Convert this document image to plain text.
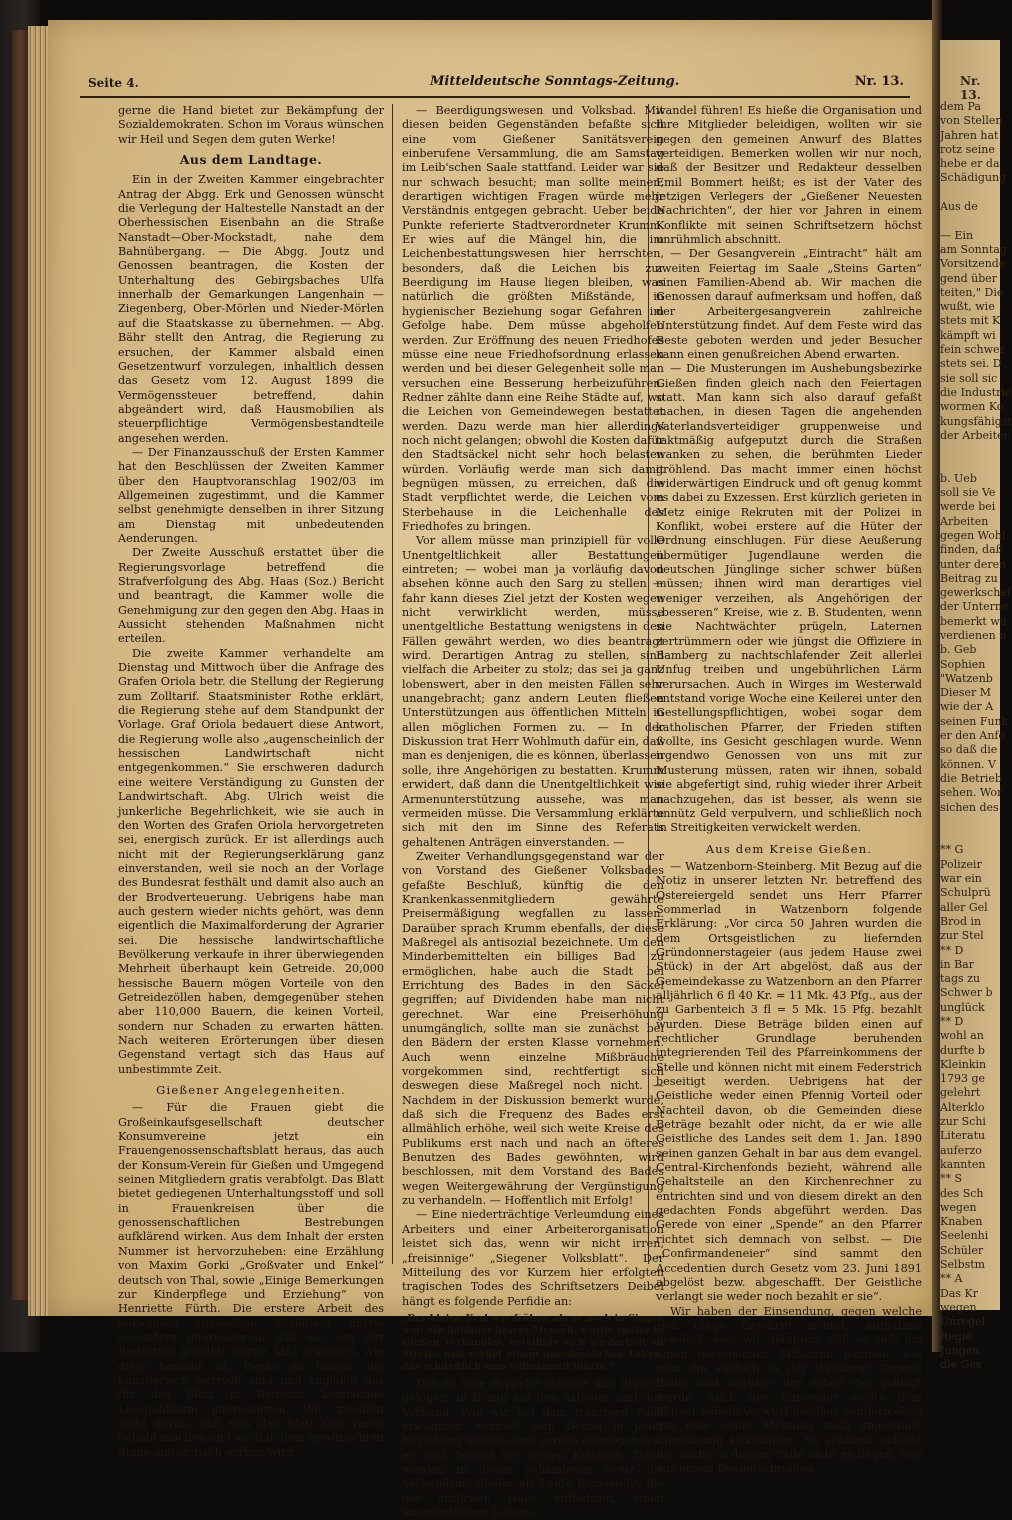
Nr. 13.
dem Pa
von Stellen
Jahren hat
rotz seine
hebe er da
Schädigung

Aus de

— Ein
am Sonntag
Vorsitzende
gend über
teiten," Die
wußt, wie
stets mit K
kämpft wi
fein schwer
stets sei. D
sie soll sic
die Industrie
wormen Ko
kungsfähigst
der Arbeiter

b. Ueb
soll sie Ve
werde bei
Arbeiten
gegen Wohl
finden, daß
unter deren
Beitrag zu
gewerkschaf
der Unterne
bemerkt wu
verdienen n
b. Geb
Sophien
"Watzenb
Dieser M
wie der A
seinen Funk
er den Anfo
so daß die
können. V
die Betrieb
sehen. Wor
sichen des

** G
Polizeir
war ein
Schulprü
aller Gel
Brod in
zur Stel
** D
in Bar
tags zu
Schwer b
unglück
** D
wohl an
durfte b
Kleinkin
1793 ge
gelehrt
Alterklo
zur Schi
Literatu
auferzo
kannten
** S
des Sch
wegen
Knaben
Seelenhi
Schüler
Selbstm
** A
Das Kr
wegen
Unregel
Regie
Jungen
die Ges
Seite 4.	Mitteldeutsche Sonntags-Zeitung.	Nr. 13.

gerne die Hand bietet zur Bekämpfung der Sozialdemokraten. Schon im Voraus wünschen wir Heil und Segen dem guten Werke!

Aus dem Landtage.

Ein in der Zweiten Kammer eingebrachter Antrag der Abgg. Erk und Genossen wünscht die Verlegung der Haltestelle Nanstadt an der Oberhessischen Eisenbahn an die Straße Nanstadt—Ober-Mockstadt, nahe dem Bahnübergang. — Die Abgg. Joutz und Genossen beantragen, die Kosten der Unterhaltung des Gebirgsbaches Ulfa innerhalb der Gemarkungen Langenhain — Ziegenberg, Ober-Mörlen und Nieder-Mörlen auf die Staatskasse zu übernehmen. — Abg. Bähr stellt den Antrag, die Regierung zu ersuchen, der Kammer alsbald einen Gesetzentwurf vorzulegen, inhaltlich dessen das Gesetz vom 12. August 1899 die Vermögenssteuer betreffend, dahin abgeändert wird, daß Hausmobilien als steuerpflichtige Vermögensbestandteile angesehen werden.

— Der Finanzausschuß der Ersten Kammer hat den Beschlüssen der Zweiten Kammer über den Hauptvoranschlag 1902/03 im Allgemeinen zugestimmt, und die Kammer selbst genehmigte denselben in ihrer Sitzung am Dienstag mit unbedeutenden Aenderungen.

Der Zweite Ausschuß erstattet über die Regierungsvorlage betreffend die Strafverfolgung des Abg. Haas (Soz.) Bericht und beantragt, die Kammer wolle die Genehmigung zur den gegen den Abg. Haas in Aussicht stehenden Maßnahmen nicht erteilen.

Die zweite Kammer verhandelte am Dienstag und Mittwoch über die Anfrage des Grafen Oriola betr. die Stellung der Regierung zum Zolltarif. Staatsminister Rothe erklärt, die Regierung stehe auf dem Standpunkt der Vorlage. Graf Oriola bedauert diese Antwort, die Regierung wolle also „augenscheinlich der hessischen Landwirtschaft nicht entgegenkommen.“ Sie erschweren dadurch eine weitere Verständigung zu Gunsten der Landwirtschaft. Abg. Ulrich weist die junkerliche Begehrlichkeit, wie sie auch in den Worten des Grafen Oriola hervorgetreten sei, energisch zurück. Er ist allerdings auch nicht mit der Regierungserklärung ganz einverstanden, weil sie noch an der Vorlage des Bundesrat festhält und damit also auch an der Brodverteuerung. Uebrigens habe man auch gestern wieder nichts gehört, was denn eigentlich die Maximalforderung der Agrarier sei. Die hessische landwirtschaftliche Bevölkerung verkaufe in ihrer überwiegenden Mehrheit überhaupt kein Getreide. 20,000 hessische Bauern mögen Vorteile von den Getreidezöllen haben, demgegenüber stehen aber 110,000 Bauern, die keinen Vorteil, sondern nur Schaden zu erwarten hätten. Nach weiteren Erörterungen über diesen Gegenstand vertagt sich das Haus auf unbestimmte Zeit.

Gießener Angelegenheiten.

— Für die Frauen giebt die Großeinkaufsgesellschaft deutscher Konsumvereine jetzt ein Frauengenossenschaftsblatt heraus, das auch der Konsum-Verein für Gießen und Umgegend seinen Mitgliedern gratis verabfolgt. Das Blatt bietet gediegenen Unterhaltungsstoff und soll in Frauenkreisen über die genossenschaftlichen Bestrebungen aufklärend wirken. Aus dem Inhalt der ersten Nummer ist hervorzuheben: eine Erzählung von Maxim Gorki „Großvater und Enkel“ deutsch von Thal, sowie „Einige Bemerkungen zur Kinderpflege und Erziehung“ von Henriette Fürth. Die erstere Arbeit des bekannten russischen Erzählers dürfte besonders interessieren; daß sie von der Redaktion gewählt wurde, läßt erkennen, wie diese bemüht ist, Werke zu bieten, die künstlerisch wertvoll sind und zugleich das für das Blatt in Betracht kommende Lesepublikum interessieren. Wir zweifeln nicht daran, daß sich das Blatt sich rasch beliebt machen und auch in dem gewünschten Sinne agitatorisch wirken wird.

— Beerdigungswesen und Volksbad. Mit diesen beiden Gegenständen befaßte sich eine vom Gießener Sanitätsverein einberufene Versammlung, die am Samstag im Leib'schen Saale stattfand. Leider war sie nur schwach besucht; man sollte meinen, derartigen wichtigen Fragen würde mehr Verständnis entgegen gebracht. Ueber beide Punkte referierte Stadtverordneter Krumm. Er wies auf die Mängel hin, die im Leichenbestattungswesen hier herrschten, besonders, daß die Leichen bis zur Beerdigung im Hause liegen bleiben, was natürlich die größten Mißstände, in hygienischer Beziehung sogar Gefahren im Gefolge habe. Dem müsse abgeholfen werden. Zur Eröffnung des neuen Friedhofes müsse eine neue Friedhofsordnung erlassen werden und bei dieser Gelegenheit solle man versuchen eine Besserung herbeizuführen. Redner zählte dann eine Reihe Städte auf, wo die Leichen von Gemeindewegen bestattet werden. Dazu werde man hier allerdings noch nicht gelangen; obwohl die Kosten dafür den Stadtsäckel nicht sehr hoch belasten würden. Vorläufig werde man sich damit begnügen müssen, zu erreichen, daß die Stadt verpflichtet werde, die Leichen vom Sterbehause in die Leichenhalle des Friedhofes zu bringen.

Vor allem müsse man prinzipiell für volle Unentgeltlichkeit aller Bestattungen eintreten; — wobei man ja vorläufig davon absehen könne auch den Sarg zu stellen — fahr kann dieses Ziel jetzt der Kosten wegen nicht verwirklicht werden, müsse unentgeltliche Bestattung wenigstens in den Fällen gewährt werden, wo dies beantragt wird. Derartigen Antrag zu stellen, sind vielfach die Arbeiter zu stolz; das sei ja ganz lobenswert, aber in den meisten Fällen sehr unangebracht; ganz andern Leuten fließen Unterstützungen aus öffentlichen Mitteln in allen möglichen Formen zu. — In der Diskussion trat Herr Wohlmuth dafür ein, daß man es denjenigen, die es können, überlassen solle, ihre Angehörigen zu bestatten. Krumm erwidert, daß dann die Unentgeltlichkeit wie Armenunterstützung aussehe, was man vermeiden müsse. Die Versammlung erklärte sich mit den im Sinne des Referats gehaltenen Anträgen einverstanden. —

Zweiter Verhandlungsgegenstand war der von Vorstand des Gießener Volksbades gefaßte Beschluß, künftig die den Krankenkassenmitgliedern gewährte Preisermäßigung wegfallen zu lassen. Daraüber sprach Krumm ebenfalls, der diese Maßregel als antisozial bezeichnete. Um den Minderbemittelten ein billiges Bad zu ermöglichen, habe auch die Stadt bei Errichtung des Bades in den Säckel gegriffen; auf Dividenden habe man nicht gerechnet. War eine Preiserhöhung unumgänglich, sollte man sie zunächst bei den Bädern der ersten Klasse vornehmen. Auch wenn einzelne Mißbräuche vorgekommen sind, rechtfertigt sich deswegen diese Maßregel noch nicht. — Nachdem in der Diskussion bemerkt wurde, daß sich die Frequenz des Bades erst allmählich erhöhe, weil sich weite Kreise des Publikums erst nach und nach an öfteres Benutzen des Bades gewöhnten, wird beschlossen, mit dem Vorstand des Bades wegen Weitergewährung der Vergünstigung zu verhandeln. — Hoffentlich mit Erfolg!

— Eine niederträchtige Verleumdung eines Arbeiters und einer Arbeiterorganisation leistet sich das, wenn wir nicht irren, „freisinnige“ „Siegener Volksblatt“. Der Mitteilung des vor Kurzem hier erfolgten tragischen Todes des Schriftsetzers Deibel hängt es folgende Perfidie an:

„Der kleine Kerl war früher, als er noch in Siegen war, ein fleißiger braver Mensch, wurde später in Gießen Verbändler, beteiligte sich wiederholt an Streiks und verfiel einem unordentlichen Leben, das schließlich zum Selbstmord führte.“

Das ist eine doppelte Infamie und doppelt gelogen, in Bezug auf den Arbeiter und den Verband. Wie wir bei dem traurigen Falle erwähnten, verhielt sich Deibel in jeder Beziehung tadellos und gerade deswegen war er sehr beliebt bei seinen Kollegen. Dann werden in dieser schamlosen Notiz die Verbandsmitglieder als Leute hingestellt, die des sittlichen Halts entbehren, einen unordentlichen Lebens-

wandel führen! Es hieße die Organisation und ihre Mitglieder beleidigen, wollten wir sie gegen den gemeinen Anwurf des Blattes verteidigen. Bemerken wollen wir nur noch, daß der Besitzer und Redakteur desselben Emil Bommert heißt; es ist der Vater des jetzigen Verlegers der „Gießener Neuesten Nachrichten“, der hier vor Jahren in einem Konflikte mit seinen Schriftsetzern höchst unrühmlich abschnitt.

— Der Gesangverein „Eintracht“ hält am zweiten Feiertag im Saale „Steins Garten“ einen Familien-Abend ab. Wir machen die Genossen darauf aufmerksam und hoffen, daß der Arbeitergesangverein zahlreiche Unterstützung findet. Auf dem Feste wird das Beste geboten werden und jeder Besucher kann einen genußreichen Abend erwarten.

— Die Musterungen im Aushebungsbezirke Gießen finden gleich nach den Feiertagen statt. Man kann sich also darauf gefaßt machen, in diesen Tagen die angehenden Vaterlandsverteidiger gruppenweise und taktmäßig aufgeputzt durch die Straßen wanken zu sehen, die berühmten Lieder gröhlend. Das macht immer einen höchst widerwärtigen Eindruck und oft genug kommt es dabei zu Exzessen. Erst kürzlich gerieten in Metz einige Rekruten mit der Polizei in Konflikt, wobei erstere auf die Hüter der Ordnung einschlugen. Für diese Aeußerung übermütiger Jugendlaune werden die deutschen Jünglinge sicher schwer büßen müssen; ihnen wird man derartiges viel weniger verzeihen, als Angehörigen der „besseren“ Kreise, wie z. B. Studenten, wenn sie Nachtwächter prügeln, Laternen zertrümmern oder wie jüngst die Offiziere in Bamberg zu nachtschlafender Zeit allerlei Unfug treiben und ungebührlichen Lärm verursachen. Auch in Wirges im Westerwald entstand vorige Woche eine Keilerei unter den Gestellungspflichtigen, wobei sogar dem katholischen Pfarrer, der Frieden stiften wollte, ins Gesicht geschlagen wurde. Wenn irgendwo Genossen von uns mit zur Musterung müssen, raten wir ihnen, sobald sie abgefertigt sind, ruhig wieder ihrer Arbeit nachzugehen, das ist besser, als wenn sie unnütz Geld verpulvern, und schließlich noch in Streitigkeiten verwickelt werden.

Aus dem Kreise Gießen.

— Watzenborn-Steinberg. Mit Bezug auf die Notiz in unserer letzten Nr. betreffend des Ostereiergeld sendet uns Herr Pfarrer Sommerlad in Watzenborn folgende Erklärung: „Vor circa 50 Jahren wurden die dem Ortsgeistlichen zu liefernden Gründonnerstageier (aus jedem Hause zwei Stück) in der Art abgelöst, daß aus der Gemeindekasse zu Watzenborn an den Pfarrer alljährlich 6 fl 40 Kr. = 11 Mk. 43 Pfg., aus der zu Garbenteich 3 fl = 5 Mk. 15 Pfg. bezahlt wurden. Diese Beträge bilden einen auf rechtlicher Grundlage beruhenden integrierenden Teil des Pfarreinkommens der Stelle und können nicht mit einem Federstrich beseitigt werden. Uebrigens hat der Geistliche weder einen Pfennig Vorteil oder Nachteil davon, ob die Gemeinden diese Beträge bezahlt oder nicht, da er wie alle Geistliche des Landes seit dem 1. Jan. 1890 seinen ganzen Gehalt in bar aus dem evangel. Central-Kirchenfonds bezieht, während alle Gehaltsteile an den Kirchenrechner zu entrichten sind und von diesem direkt an den gedachten Fonds abgeführt werden. Das Gerede von einer „Spende“ an den Pfarrer richtet sich demnach von selbst. — Die „Confirmandeneier“ sind sammt den Accedentien durch Gesetz vom 23. Juni 1891 abgelöst bezw. abgeschafft. Der Geistliche verlangt sie weder noch bezahlt er sie“.

Wir haben der Einsendung, gegen welche sich obige Zuschrift richtet, Aufnahme gewährt, weil wir glaubten, daß es sich um einen bestehenden Mißstand handele, wie man ihn vielfach in der Wetzlarer Gegend findet und worüber uns schon viel geklagt wurde. Auch der Einsender wollte dem Pfarrer keinen Vorwurf machen, sondern eben nur eine seiner Meinung nach ungesunde Einrichtung bekämpfen. So schlimm scheint die Sache in diesem Falle nicht zu liegen. Wie aus einem Begleitschreiben
